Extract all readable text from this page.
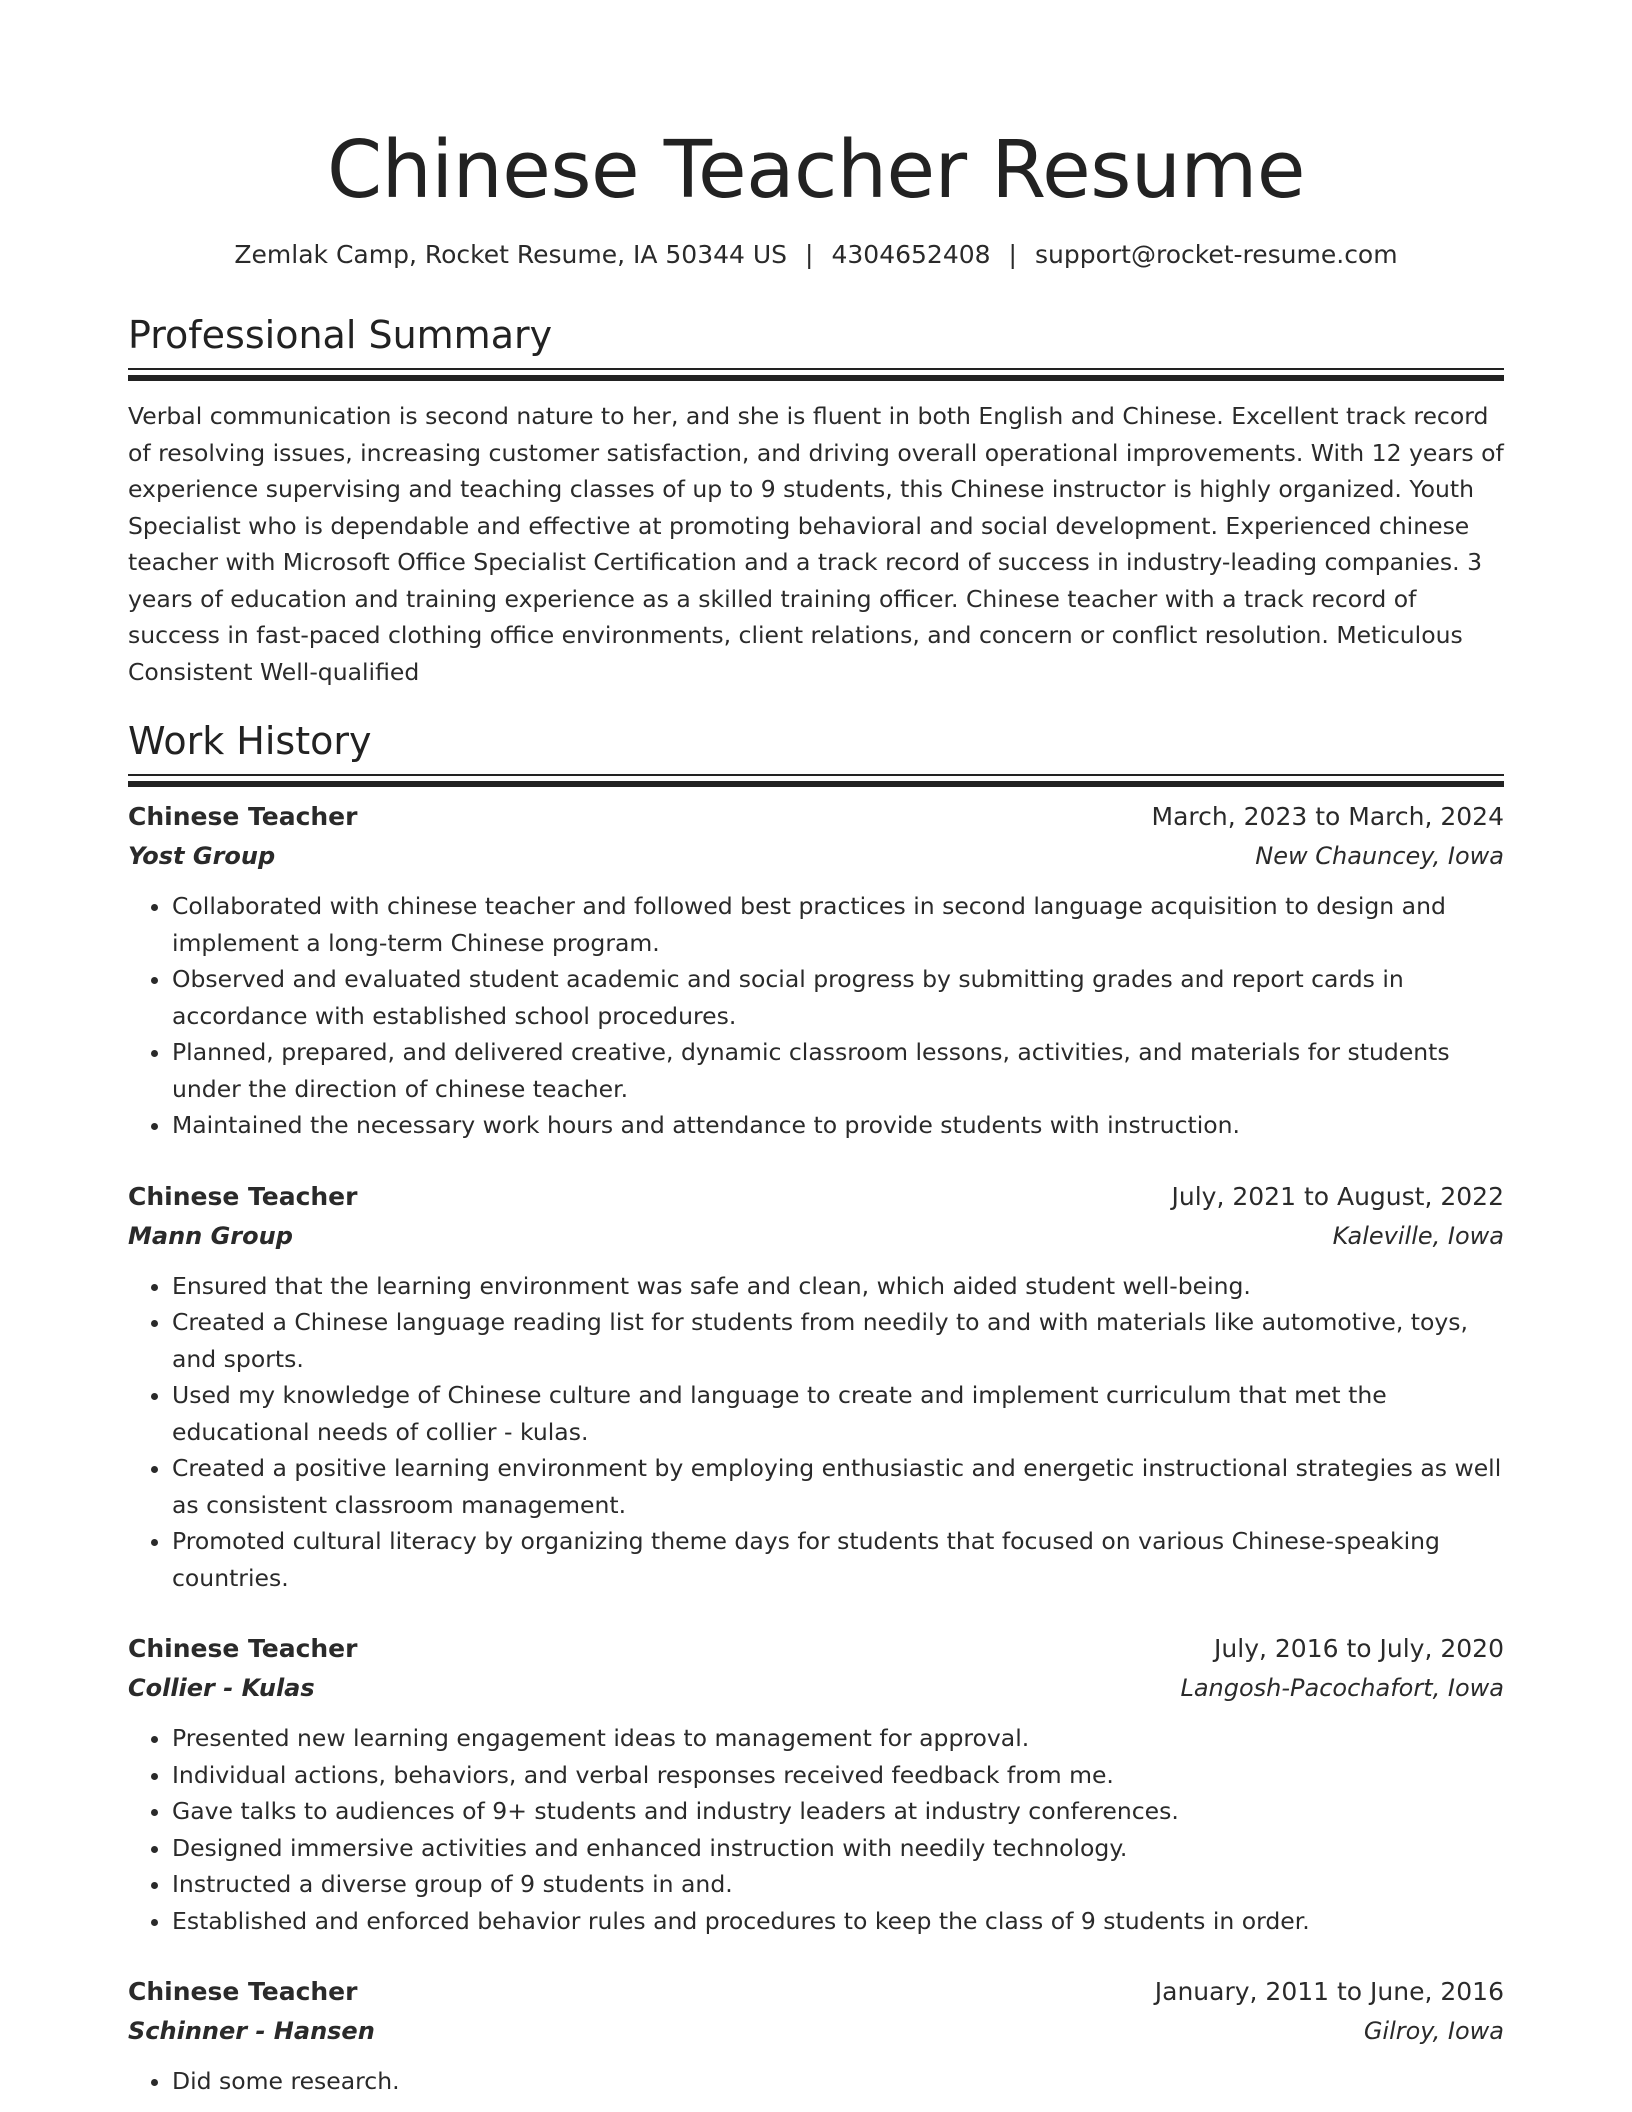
Chinese Teacher Resume
Zemlak Camp, Rocket Resume, IA 50344 US | 4304652408 | support@rocket-resume.com
Professional Summary
Verbal communication is second nature to her, and she is fluent in both English and Chinese. Excellent track record of resolving issues, increasing customer satisfaction, and driving overall operational improvements. With 12 years of experience supervising and teaching classes of up to 9 students, this Chinese instructor is highly organized. Youth Specialist who is dependable and effective at promoting behavioral and social development. Experienced chinese teacher with Microsoft Office Specialist Certification and a track record of success in industry-leading companies. 3 years of education and training experience as a skilled training officer. Chinese teacher with a track record of success in fast-paced clothing office environments, client relations, and concern or conflict resolution. Meticulous Consistent Well-qualified
Work History
Chinese Teacher	March, 2023 to March, 2024
Yost Group	New Chauncey, Iowa
• Collaborated with chinese teacher and followed best practices in second language acquisition to design and implement a long-term Chinese program.
• Observed and evaluated student academic and social progress by submitting grades and report cards in accordance with established school procedures.
• Planned, prepared, and delivered creative, dynamic classroom lessons, activities, and materials for students under the direction of chinese teacher.
• Maintained the necessary work hours and attendance to provide students with instruction.
Chinese Teacher	July, 2021 to August, 2022
Mann Group	Kaleville, Iowa
• Ensured that the learning environment was safe and clean, which aided student well-being.
• Created a Chinese language reading list for students from needily to and with materials like automotive, toys, and sports.
• Used my knowledge of Chinese culture and language to create and implement curriculum that met the educational needs of collier - kulas.
• Created a positive learning environment by employing enthusiastic and energetic instructional strategies as well as consistent classroom management.
• Promoted cultural literacy by organizing theme days for students that focused on various Chinese-speaking countries.
Chinese Teacher	July, 2016 to July, 2020
Collier - Kulas	Langosh-Pacochafort, Iowa
• Presented new learning engagement ideas to management for approval.
• Individual actions, behaviors, and verbal responses received feedback from me.
• Gave talks to audiences of 9+ students and industry leaders at industry conferences.
• Designed immersive activities and enhanced instruction with needily technology.
• Instructed a diverse group of 9 students in and.
• Established and enforced behavior rules and procedures to keep the class of 9 students in order.
Chinese Teacher	January, 2011 to June, 2016
Schinner - Hansen	Gilroy, Iowa
• Did some research.
